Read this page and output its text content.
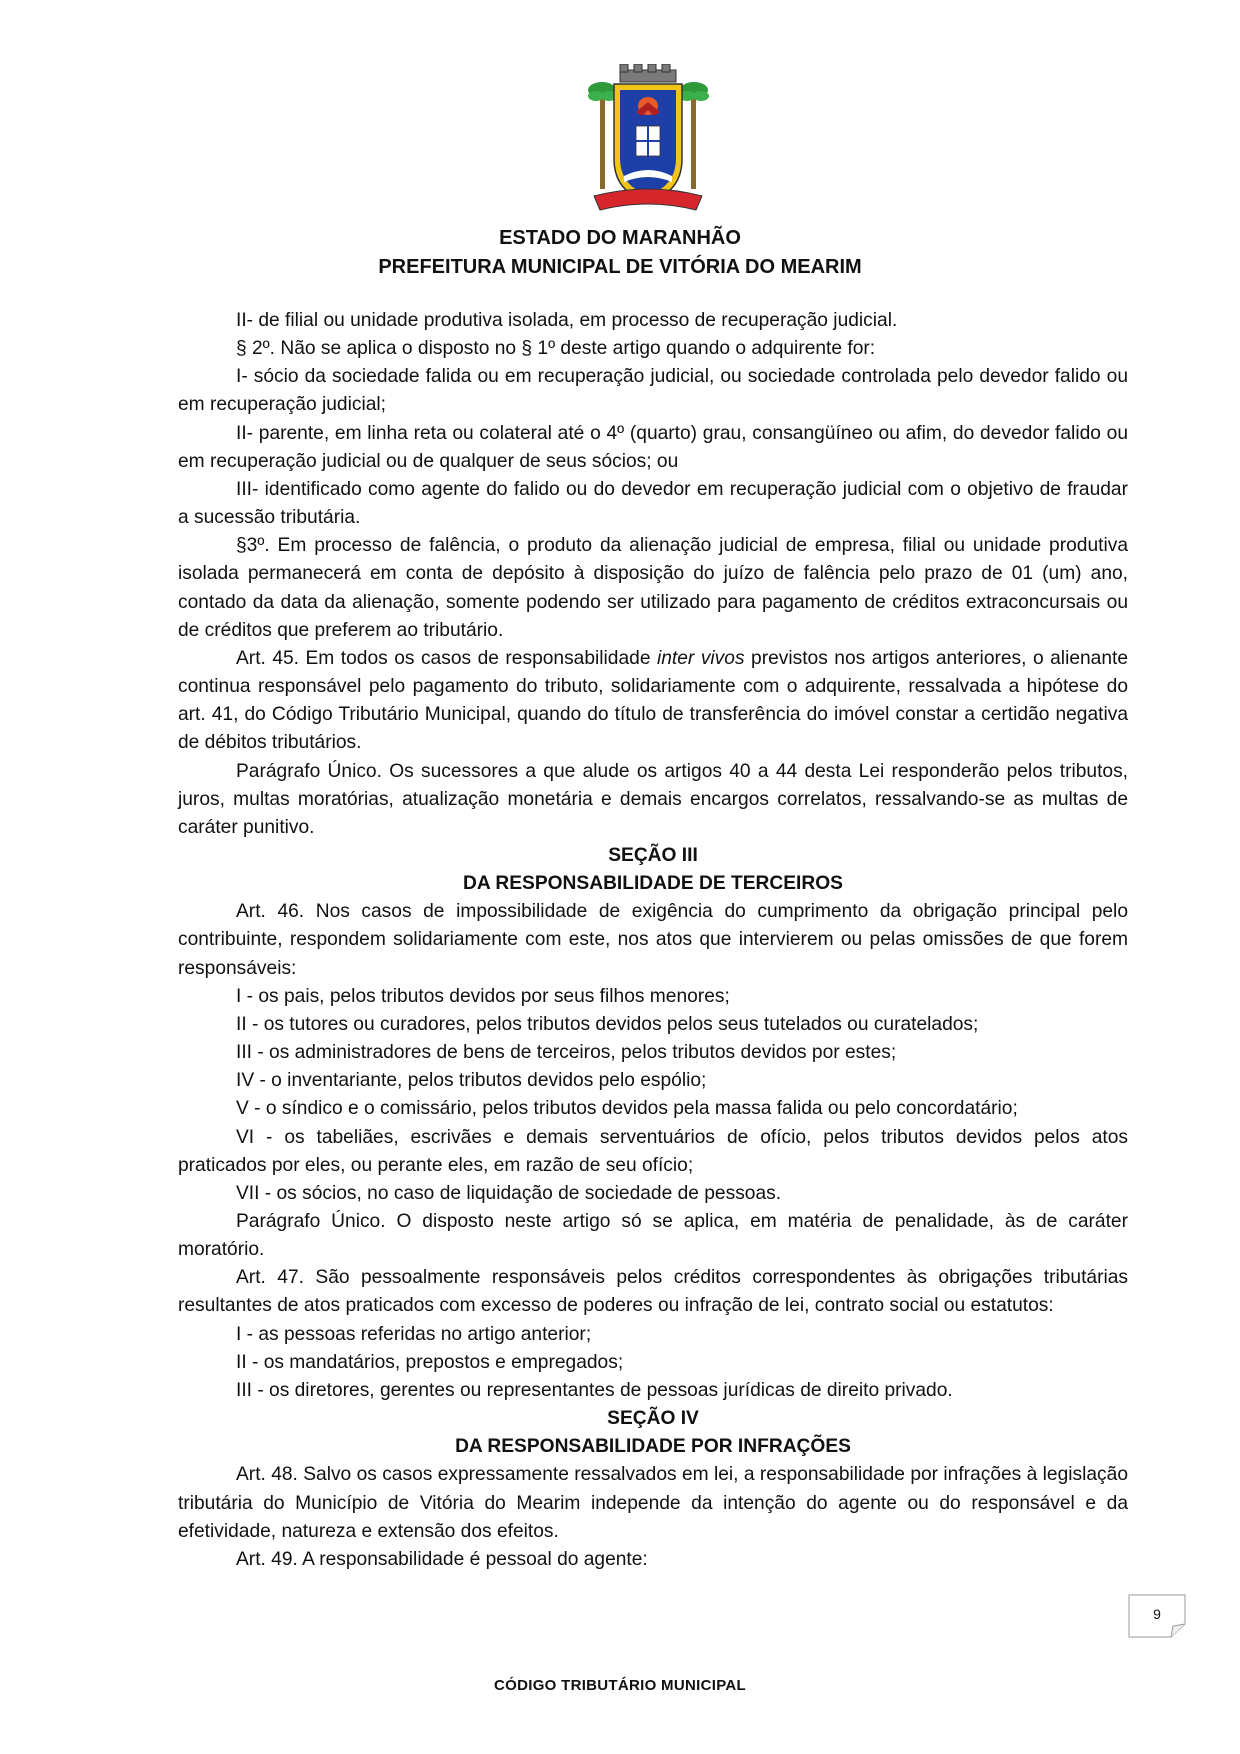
ESTADO DO MARANHÃO
PREFEITURA MUNICIPAL DE VITÓRIA DO MEARIM

II- de filial ou unidade produtiva isolada, em processo de recuperação judicial.

§ 2º. Não se aplica o disposto no § 1º deste artigo quando o adquirente for:

I- sócio da sociedade falida ou em recuperação judicial, ou sociedade controlada pelo devedor falido ou em recuperação judicial;

II- parente, em linha reta ou colateral até o 4º (quarto) grau, consangüíneo ou afim, do devedor falido ou em recuperação judicial ou de qualquer de seus sócios; ou

III- identificado como agente do falido ou do devedor em recuperação judicial com o objetivo de fraudar a sucessão tributária.

§3º. Em processo de falência, o produto da alienação judicial de empresa, filial ou unidade produtiva isolada permanecerá em conta de depósito à disposição do juízo de falência pelo prazo de 01 (um) ano, contado da data da alienação, somente podendo ser utilizado para pagamento de créditos extraconcursais ou de créditos que preferem ao tributário.

Art. 45. Em todos os casos de responsabilidade inter vivos previstos nos artigos anteriores, o alienante continua responsável pelo pagamento do tributo, solidariamente com o adquirente, ressalvada a hipótese do art. 41, do Código Tributário Municipal, quando do título de transferência do imóvel constar a certidão negativa de débitos tributários.

Parágrafo Único. Os sucessores a que alude os artigos 40 a 44 desta Lei responderão pelos tributos, juros, multas moratórias, atualização monetária e demais encargos correlatos, ressalvando-se as multas de caráter punitivo.

SEÇÃO III

DA RESPONSABILIDADE DE TERCEIROS

Art. 46. Nos casos de impossibilidade de exigência do cumprimento da obrigação principal pelo contribuinte, respondem solidariamente com este, nos atos que intervierem ou pelas omissões de que forem responsáveis:

I - os pais, pelos tributos devidos por seus filhos menores;

II - os tutores ou curadores, pelos tributos devidos pelos seus tutelados ou curatelados;

III - os administradores de bens de terceiros, pelos tributos devidos por estes;

IV - o inventariante, pelos tributos devidos pelo espólio;

V - o síndico e o comissário, pelos tributos devidos pela massa falida ou pelo concordatário;

VI - os tabeliães, escrivães e demais serventuários de ofício, pelos tributos devidos pelos atos praticados por eles, ou perante eles, em razão de seu ofício;

VII - os sócios, no caso de liquidação de sociedade de pessoas.

Parágrafo Único. O disposto neste artigo só se aplica, em matéria de penalidade, às de caráter moratório.

Art. 47. São pessoalmente responsáveis pelos créditos correspondentes às obrigações tributárias resultantes de atos praticados com excesso de poderes ou infração de lei, contrato social ou estatutos:

I - as pessoas referidas no artigo anterior;

II - os mandatários, prepostos e empregados;

III - os diretores, gerentes ou representantes de pessoas jurídicas de direito privado.

SEÇÃO IV

DA RESPONSABILIDADE POR INFRAÇÕES

Art. 48. Salvo os casos expressamente ressalvados em lei, a responsabilidade por infrações à legislação tributária do Município de Vitória do Mearim independe da intenção do agente ou do responsável e da efetividade, natureza e extensão dos efeitos.

Art. 49. A responsabilidade é pessoal do agente:

9
CÓDIGO TRIBUTÁRIO MUNICIPAL
